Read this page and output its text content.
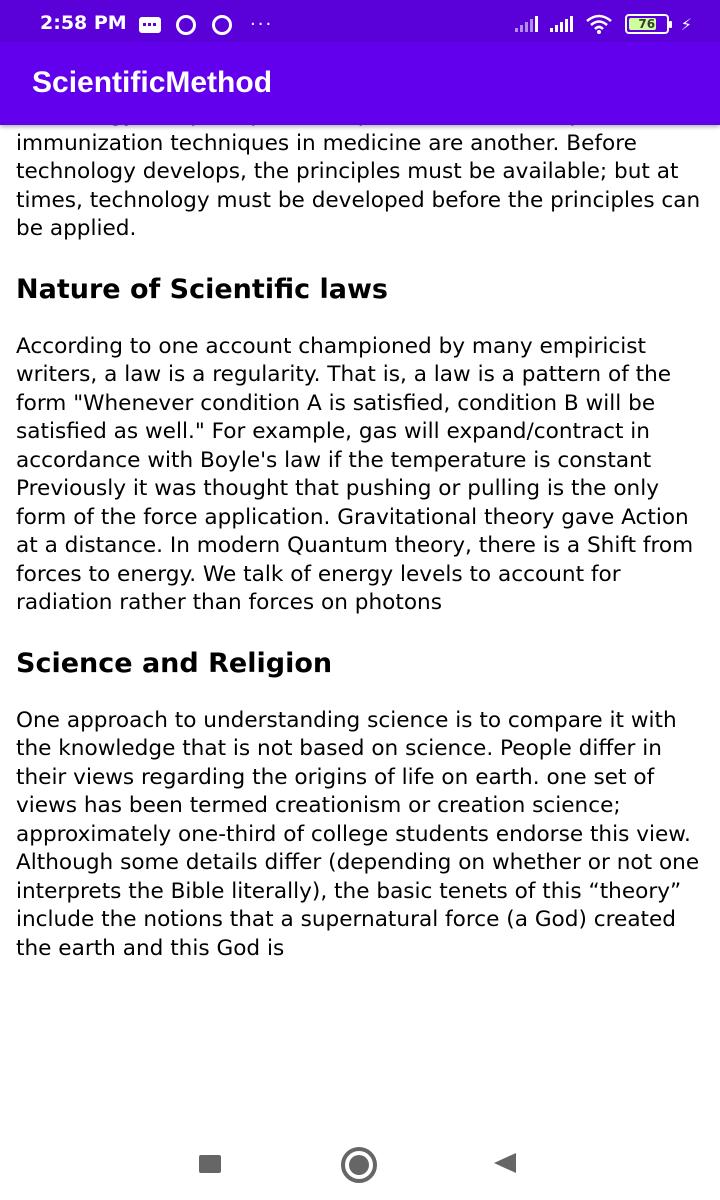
2:58 PM	···	76 ⚡
ScientificMethod

immunization techniques in medicine are another. Before technology develops, the principles must be available; but at times, technology must be developed before the principles can be applied.

Nature of Scientific laws

According to one account championed by many empiricist writers, a law is a regularity. That is, a law is a pattern of the form "Whenever condition A is satisfied, condition B will be satisfied as well." For example, gas will expand/contract in accordance with Boyle's law if the temperature is constant Previously it was thought that pushing or pulling is the only form of the force application. Gravitational theory gave Action at a distance. In modern Quantum theory, there is a Shift from forces to energy. We talk of energy levels to account for radiation rather than forces on photons

Science and Religion

One approach to understanding science is to compare it with the knowledge that is not based on science. People differ in their views regarding the origins of life on earth. one set of views has been termed creationism or creation science; approximately one-third of college students endorse this view. Although some details differ (depending on whether or not one interprets the Bible literally), the basic tenets of this “theory” include the notions that a supernatural force (a God) created the earth and this God is
